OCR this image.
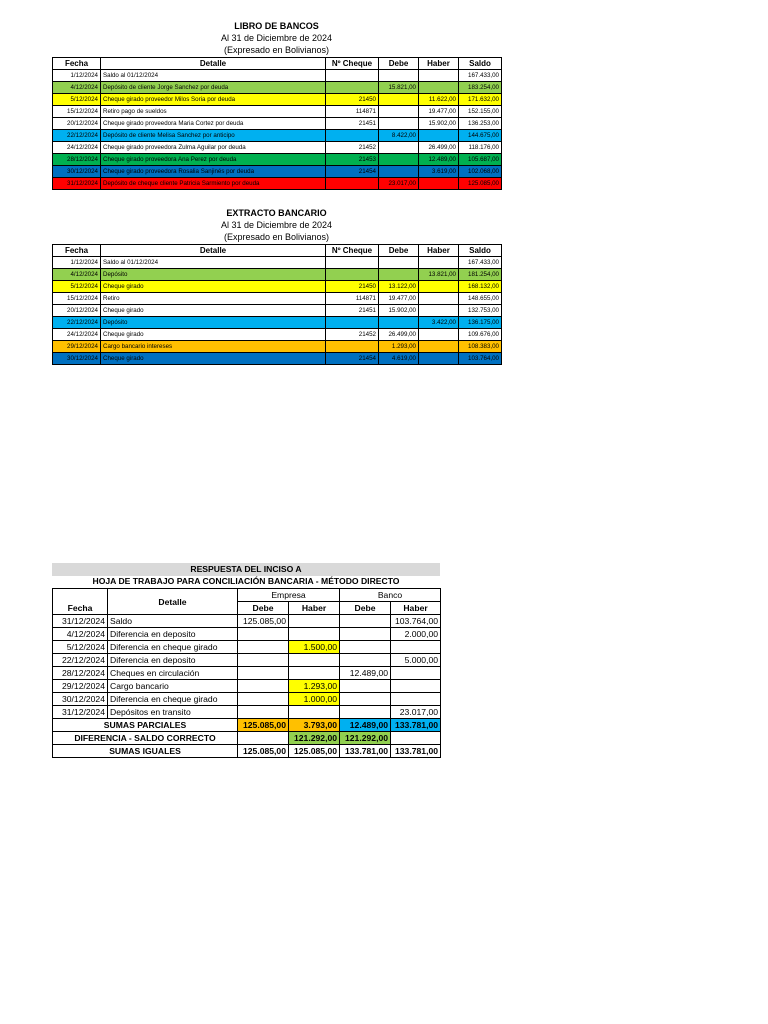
LIBRO DE BANCOS
Al 31 de Diciembre de 2024
(Expresado en Bolivianos)
Fecha	Detalle	Nº Cheque	Debe	Haber	Saldo
1/12/2024	Saldo al 01/12/2024				167.433,00
4/12/2024	Depósito de cliente Jorge Sanchez por deuda		15.821,00		183.254,00
5/12/2024	Cheque girado proveedor Milos Soria por deuda	21450		11.622,00	171.632,00
15/12/2024	Retiro pago de sueldos	114871		19.477,00	152.155,00
20/12/2024	Cheque girado proveedora Maria Cortez por deuda	21451		15.902,00	136.253,00
22/12/2024	Depósito de cliente Melisa Sanchez por anticipo		8.422,00		144.675,00
24/12/2024	Cheque girado proveedora Zulma Aguilar por deuda	21452		26.499,00	118.176,00
28/12/2024	Cheque girado proveedora Ana Perez por deuda	21453		12.489,00	105.687,00
30/12/2024	Cheque girado proveedora Rosalia Sanjinés por deuda	21454		3.619,00	102.068,00
31/12/2024	Depósito de cheque cliente Patricia Sarmiento por deuda		23.017,00		125.085,00
EXTRACTO BANCARIO
Al 31 de Diciembre de 2024
(Expresado en Bolivianos)
Fecha	Detalle	Nº Cheque	Debe	Haber	Saldo
1/12/2024	Saldo al 01/12/2024				167.433,00
4/12/2024	Depósito			13.821,00	181.254,00
5/12/2024	Cheque girado	21450	13.122,00		168.132,00
15/12/2024	Retiro	114871	19.477,00		148.655,00
20/12/2024	Cheque girado	21451	15.902,00		132.753,00
22/12/2024	Depósito			3.422,00	136.175,00
24/12/2024	Cheque girado	21452	26.499,00		109.676,00
29/12/2024	Cargo bancario intereses		1.293,00		108.383,00
30/12/2024	Cheque girado	21454	4.619,00		103.764,00
RESPUESTA DEL INCISO A
HOJA DE TRABAJO PARA CONCILIACIÓN BANCARIA - MÉTODO DIRECTO
Fecha	Detalle	Empresa		Banco	
		Debe	Haber	Debe	Haber
31/12/2024	Saldo	125.085,00			103.764,00
4/12/2024	Diferencia en deposito				2.000,00
5/12/2024	Diferencia en cheque girado		1.500,00		
22/12/2024	Diferencia en deposito				5.000,00
28/12/2024	Cheques en circulación			12.489,00	
29/12/2024	Cargo bancario		1.293,00		
30/12/2024	Diferencia en cheque girado		1.000,00		
31/12/2024	Depósitos en transito				23.017,00
SUMAS PARCIALES		125.085,00	3.793,00	12.489,00	133.781,00
DIFERENCIA - SALDO CORRECTO			121.292,00	121.292,00	
SUMAS IGUALES		125.085,00	125.085,00	133.781,00	133.781,00
